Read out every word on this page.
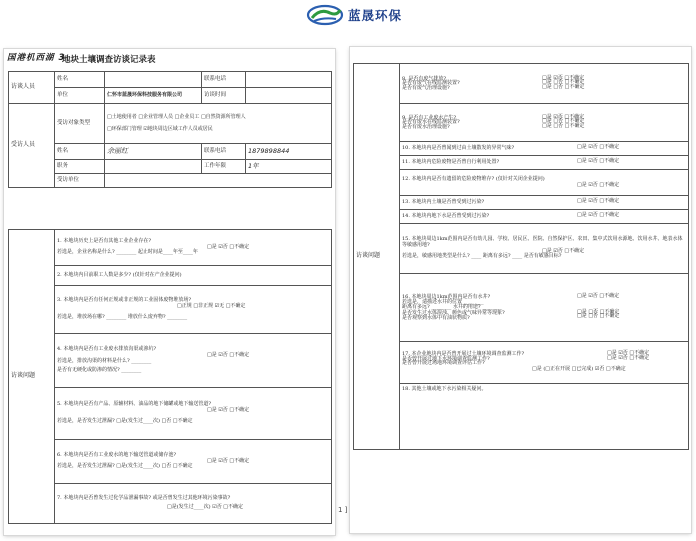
蓝晟环保
国港机西湖 3
地块土壤调查访谈记录表
访谈人员	姓名		联系电话	
	单位	仁怀市蓝晟环保科技服务有限公司	访谈时间	
受访人员	受访对象类型	□土地使用者 □企业管理人员 □企业员工 □自然资源所管理人
□环保部门管理 ☑地块周边区域工作人员或居民		

	姓名	余丽红	联系电话	1879898844
	职务		工作年限	1年
	受访单位			
访谈问题	
1. 本地块历史上是否有其他工业企业存在?
□是 ☑否 □不确定
若选是，企业名称是什么? ________ 起止时间是____年至____年

2. 本地块内目前职工人数是多少? (仅针对在产企业提问)

3. 本地块内是否有任何正规或非正规的工业固体废物堆放场?
□正规 □非正规 ☑无 □不确定
若选是，堆放场在哪? ________ 堆放什么废弃物? ________

4. 本地块内是否有工业废水排放沟渠或渗坑?
□是 ☑否 □不确定
若选是，排放沟渠的材料是什么? ________
是否有无硬化或防渗的情况? ________

5. 本地块内是否有产品、原辅材料、油品的地下储罐或地下输送管道?
□是 ☑否 □不确定
若选是，是否发生过泄漏? □是(发生过____次) □否 □不确定

6. 本地块内是否有工业废水的地下输送管道或储存池?
□是 ☑否 □不确定
若选是，是否发生过泄漏? □是(发生过____次) □否 □不确定

7. 本地块内是否曾发生过化学品泄漏事故? 或是否曾发生过其他环境污染事故?
□是(发生过____次) ☑否 □不确定	1 ]
访谈问题	
8. 是否有废气排放?	□是 ☑否 □不确定
是否有废气在线监测装置?	□是 □否 □不确定
是否有废气治理设施?	□是 □否 □不确定

9. 是否有工业废水产生?	□是 ☑否 □不确定
是否有废水在线监测装置?	□是 □否 □不确定
是否有废水治理设施?	□是 □否 □不确定

10. 本地块内是否曾闻到过由土壤散发的异常气味?	□是 ☑否 □不确定

11. 本地块内危险废物是否曾自行利用处置?	□是 ☑否 □不确定

12. 本地块内是否有遗留的危险废物堆存? (仅针对关闭企业提问)
□是 ☑否 □不确定

13. 本地块内土壤是否曾受到过污染?	□是 ☑否 □不确定

14. 本地块内地下水是否曾受到过污染?	□是 ☑否 □不确定

15. 本地块周边1km范围内是否有幼儿园、学校、居民区、医院、自然保护区、农田、集中式饮用水源地、饮用水井、地表水体等敏感用地?
□是 ☑否 □不确定
若选是，敏感用地类型是什么? ____ 距离有多远? ____ 是否有敏感目标?

16. 本地块周边1km范围内是否有水井?	□是 ☑否 □不确定
若选是，请描述水井的位置 ________
距离有多远? ________ 水井的用途? ________
是否发生过水体混浊、颜色或气味异常等现象?	□是 □否 □不确定
是否观察到水体中有油状物质?	□是 □否 □不确定

17. 本企业地块内是否曾开展过土壤环境调查监测工作?	□是 ☑否 □不确定
是否曾开展过地下水环境调查监测工作?	□是 ☑否 □不确定
是否曾开展过场地环境调查评估工作?
□是 (□正在开展 □已完成) ☑否 □不确定

18. 其他土壤或地下水污染相关疑问。
